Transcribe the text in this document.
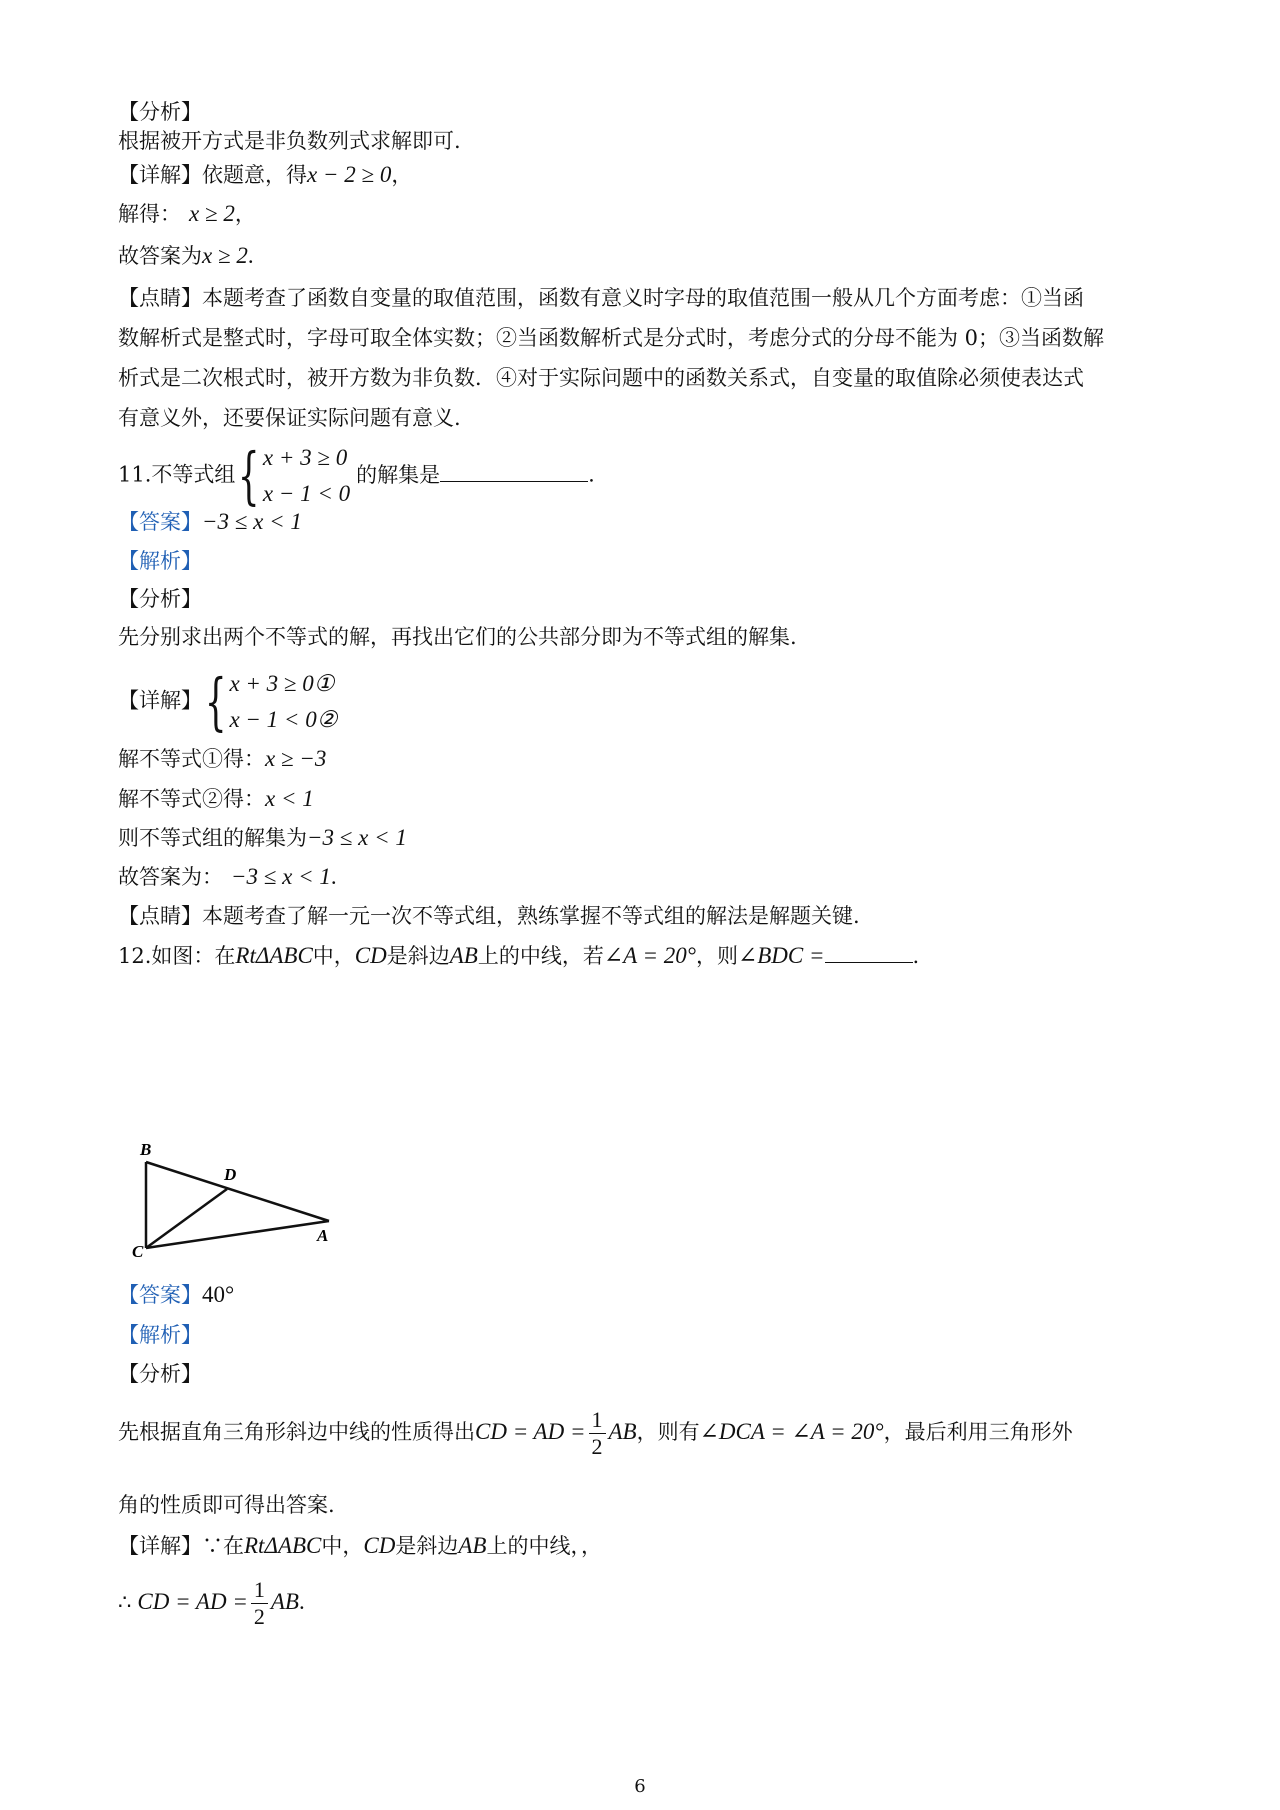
【分析】
根据被开方式是非负数列式求解即可.
【详解】依题意，得x − 2 ≥ 0，
解得： x ≥ 2，
故答案为x ≥ 2.
【点睛】本题考查了函数自变量的取值范围，函数有意义时字母的取值范围一般从几个方面考虑：①当函
数解析式是整式时，字母可取全体实数；②当函数解析式是分式时，考虑分式的分母不能为 0；③当函数解
析式是二次根式时，被开方数为非负数．④对于实际问题中的函数关系式，自变量的取值除必须使表达式
有意义外，还要保证实际问题有意义.
11.不等式组{ x + 3 ≥ 0
x − 1 < 0
的解集是	.
【答案】−3 ≤ x < 1
【解析】
【分析】
先分别求出两个不等式的解，再找出它们的公共部分即为不等式组的解集.
【详解】{ x + 3 ≥ 0①
x − 1 < 0②
解不等式①得：x ≥ −3
解不等式②得：x < 1
则不等式组的解集为−3 ≤ x < 1
故答案为： −3 ≤ x < 1.
【点睛】本题考查了解一元一次不等式组，熟练掌握不等式组的解法是解题关键.
12.如图：在RtΔABC中，CD是斜边AB上的中线，若∠A = 20°，则∠BDC =	.
B
D
C
A
【答案】40°
【解析】
【分析】
先根据直角三角形斜边中线的性质得出CD = AD = $\frac{1}{2}$ AB，则有∠DCA = ∠A = 20°，最后利用三角形外
角的性质即可得出答案.
【详解】∵在RtΔABC中，CD是斜边AB上的中线，，
∴ CD = AD = $\frac{1}{2}$ AB.
6
